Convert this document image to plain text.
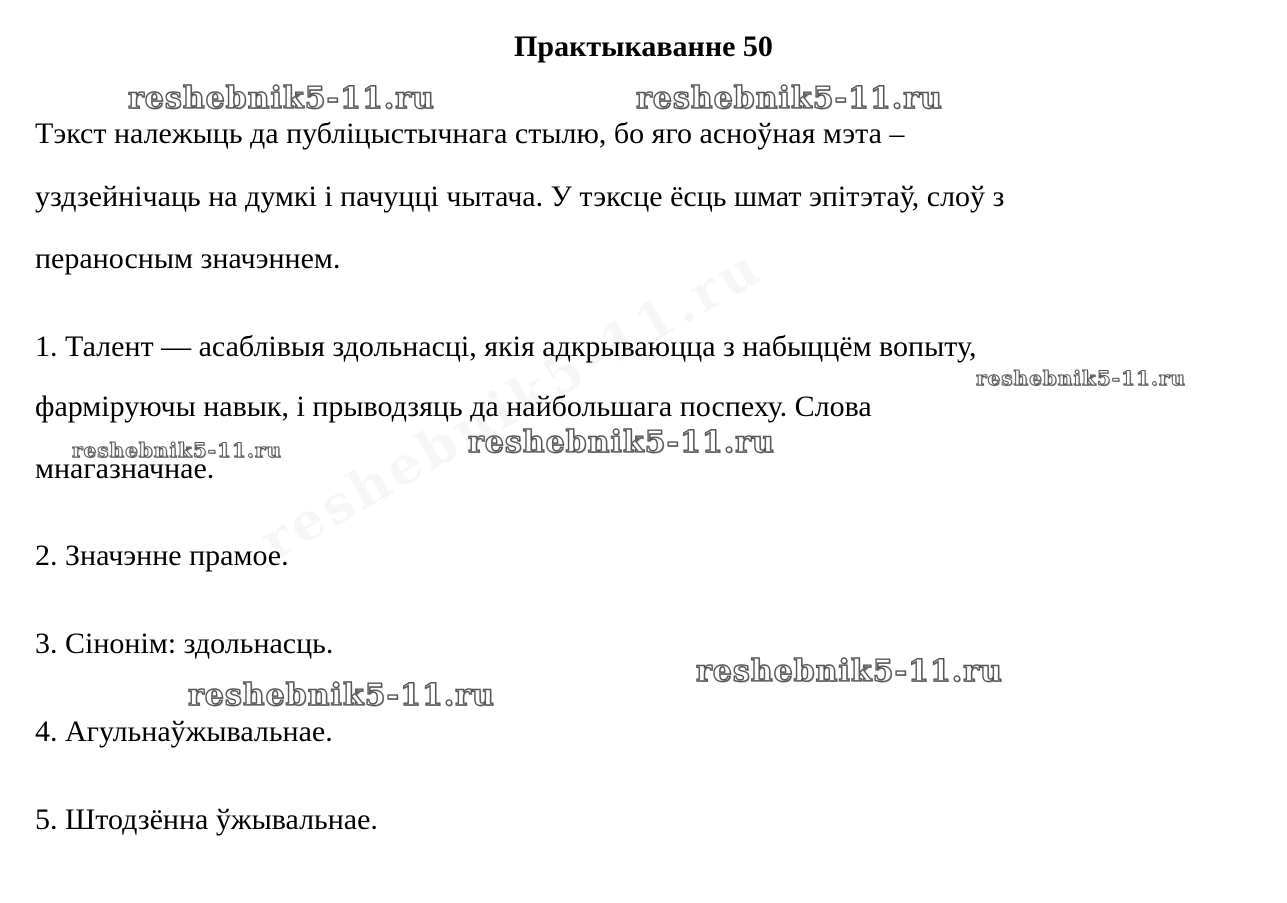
Практыкаванне 50
Тэкст належыць да публіцыстычнага стылю, бо яго асноўная мэта –
уздзейнічаць на думкі і пачуцці чытача. У тэксце ёсць шмат эпітэтаў, слоў з
пераносным значэннем.
1. Талент — асаблівыя здольнасці, якія адкрываюцца з набыццём вопыту,
фарміруючы навык, і прыводзяць да найбольшага поспеху. Слова
мнагазначнае.
2. Значэнне прамое.
3. Сінонім: здольнасць.
4. Агульнаўжывальнае.
5. Штодзённа ўжывальнае.
reshebnik5-11.ru	reshebnik5-11.ru
reshebnik5-11.ru
reshebnik5-11.ru	reshebnik5-11.ru
reshebnik5-11.ru
reshebnik5-11.ru
